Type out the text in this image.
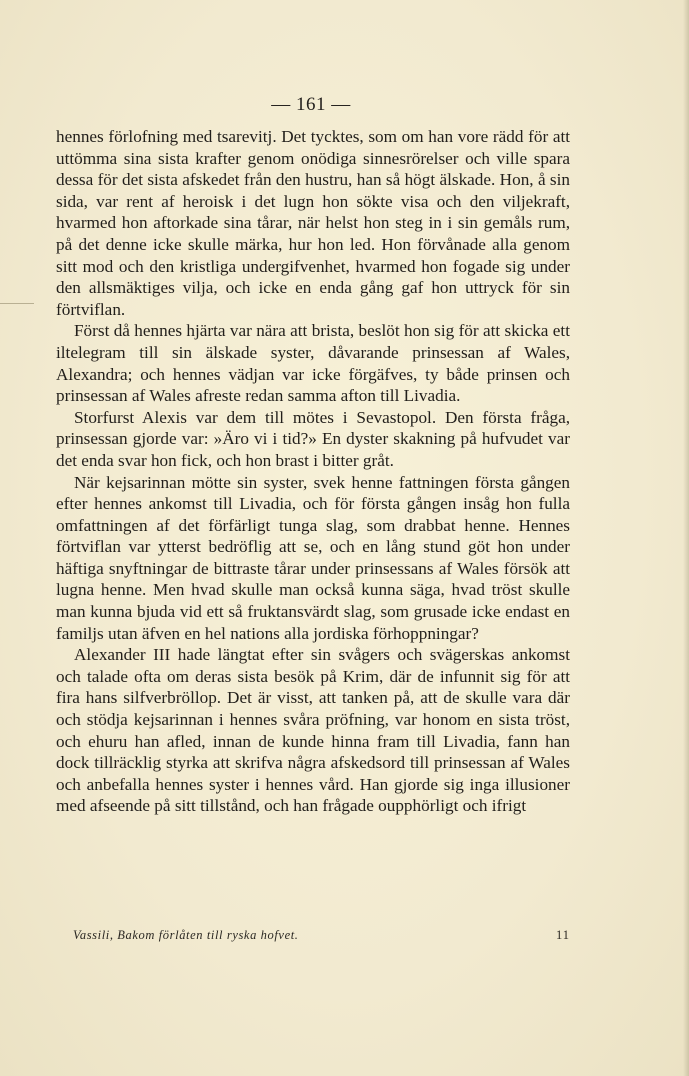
— 161 —

hennes förlofning med tsarevitj. Det tycktes, som om han vore rädd för att uttömma sina sista krafter genom onödiga sinnesrörelser och ville spara dessa för det sista afskedet från den hustru, han så högt älskade. Hon, å sin sida, var rent af heroisk i det lugn hon sökte visa och den viljekraft, hvarmed hon aftorkade sina tårar, när helst hon steg in i sin gemåls rum, på det denne icke skulle märka, hur hon led. Hon förvånade alla genom sitt mod och den kristliga undergifvenhet, hvarmed hon fogade sig under den allsmäktiges vilja, och icke en enda gång gaf hon uttryck för sin förtviflan.

Först då hennes hjärta var nära att brista, beslöt hon sig för att skicka ett iltelegram till sin älskade syster, dåvarande prinsessan af Wales, Alexandra; och hennes vädjan var icke förgäfves, ty både prinsen och prinsessan af Wales afreste redan samma afton till Livadia.

Storfurst Alexis var dem till mötes i Sevastopol. Den första fråga, prinsessan gjorde var: »Äro vi i tid?» En dyster skakning på hufvudet var det enda svar hon fick, och hon brast i bitter gråt.

När kejsarinnan mötte sin syster, svek henne fattningen första gången efter hennes ankomst till Livadia, och för första gången insåg hon fulla omfattningen af det förfärligt tunga slag, som drabbat henne. Hennes förtviflan var ytterst bedröflig att se, och en lång stund göt hon under häftiga snyftningar de bittraste tårar under prinsessans af Wales försök att lugna henne. Men hvad skulle man också kunna säga, hvad tröst skulle man kunna bjuda vid ett så fruktansvärdt slag, som grusade icke endast en familjs utan äfven en hel nations alla jordiska förhoppningar?

Alexander III hade längtat efter sin svågers och svägerskas ankomst och talade ofta om deras sista besök på Krim, där de infunnit sig för att fira hans silfverbröllop. Det är visst, att tanken på, att de skulle vara där och stödja kejsarinnan i hennes svåra pröfning, var honom en sista tröst, och ehuru han afled, innan de kunde hinna fram till Livadia, fann han dock tillräcklig styrka att skrifva några afskedsord till prinsessan af Wales och anbefalla hennes syster i hennes vård. Han gjorde sig inga illusioner med afseende på sitt tillstånd, och han frågade oupphörligt och ifrigt

Vassili, Bakom förlåten till ryska hofvet.	11
